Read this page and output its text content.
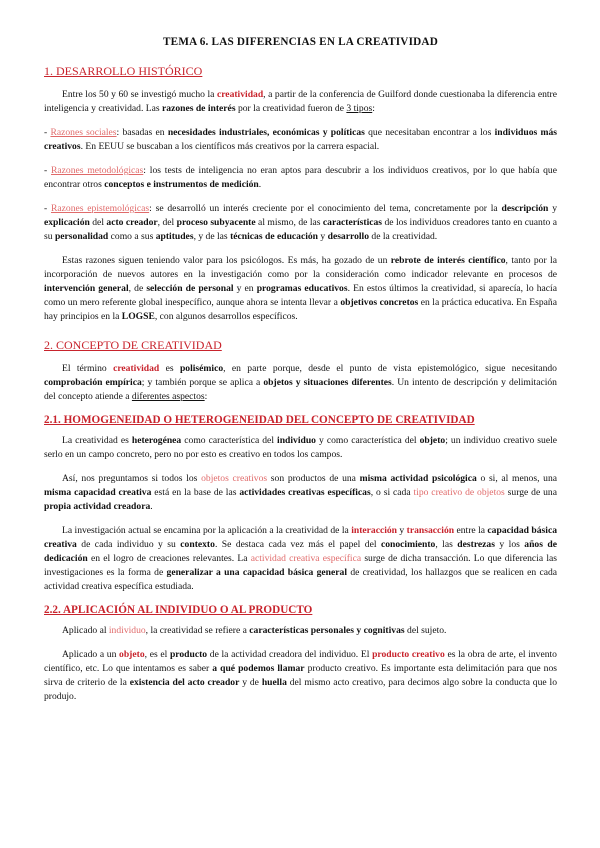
TEMA 6. LAS DIFERENCIAS EN LA CREATIVIDAD
1. DESARROLLO HISTÓRICO

Entre los 50 y 60 se investigó mucho la creatividad, a partir de la conferencia de Guilford donde cuestionaba la diferencia entre inteligencia y creatividad. Las razones de interés por la creatividad fueron de 3 tipos:

- Razones sociales: basadas en necesidades industriales, económicas y políticas que necesitaban encontrar a los individuos más creativos. En EEUU se buscaban a los científicos más creativos por la carrera espacial.

- Razones metodológicas: los tests de inteligencia no eran aptos para descubrir a los individuos creativos, por lo que había que encontrar otros conceptos e instrumentos de medición.

- Razones epistemológicas: se desarrolló un interés creciente por el conocimiento del tema, concretamente por la descripción y explicación del acto creador, del proceso subyacente al mismo, de las características de los individuos creadores tanto en cuanto a su personalidad como a sus aptitudes, y de las técnicas de educación y desarrollo de la creatividad.

Estas razones siguen teniendo valor para los psicólogos. Es más, ha gozado de un rebrote de interés científico, tanto por la incorporación de nuevos autores en la investigación como por la consideración como indicador relevante en procesos de intervención general, de selección de personal y en programas educativos. En estos últimos la creatividad, si aparecía, lo hacía como un mero referente global inespecífico, aunque ahora se intenta llevar a objetivos concretos en la práctica educativa. En España hay principios en la LOGSE, con algunos desarrollos específicos.

2. CONCEPTO DE CREATIVIDAD

El término creatividad es polisémico, en parte porque, desde el punto de vista epistemológico, sigue necesitando comprobación empírica; y también porque se aplica a objetos y situaciones diferentes. Un intento de descripción y delimitación del concepto atiende a diferentes aspectos:

2.1. HOMOGENEIDAD O HETEROGENEIDAD DEL CONCEPTO DE CREATIVIDAD

La creatividad es heterogénea como característica del individuo y como característica del objeto; un individuo creativo suele serlo en un campo concreto, pero no por esto es creativo en todos los campos.

Así, nos preguntamos si todos los objetos creativos son productos de una misma actividad psicológica o si, al menos, una misma capacidad creativa está en la base de las actividades creativas específicas, o si cada tipo creativo de objetos surge de una propia actividad creadora.

La investigación actual se encamina por la aplicación a la creatividad de la interacción y transacción entre la capacidad básica creativa de cada individuo y su contexto. Se destaca cada vez más el papel del conocimiento, las destrezas y los años de dedicación en el logro de creaciones relevantes. La actividad creativa específica surge de dicha transacción. Lo que diferencia las investigaciones es la forma de generalizar a una capacidad básica general de creatividad, los hallazgos que se realicen en cada actividad creativa específica estudiada.

2.2. APLICACIÓN AL INDIVIDUO O AL PRODUCTO

Aplicado al individuo, la creatividad se refiere a características personales y cognitivas del sujeto.

Aplicado a un objeto, es el producto de la actividad creadora del individuo. El producto creativo es la obra de arte, el invento científico, etc. Lo que intentamos es saber a qué podemos llamar producto creativo. Es importante esta delimitación para que nos sirva de criterio de la existencia del acto creador y de huella del mismo acto creativo, para decimos algo sobre la conducta que lo produjo.
